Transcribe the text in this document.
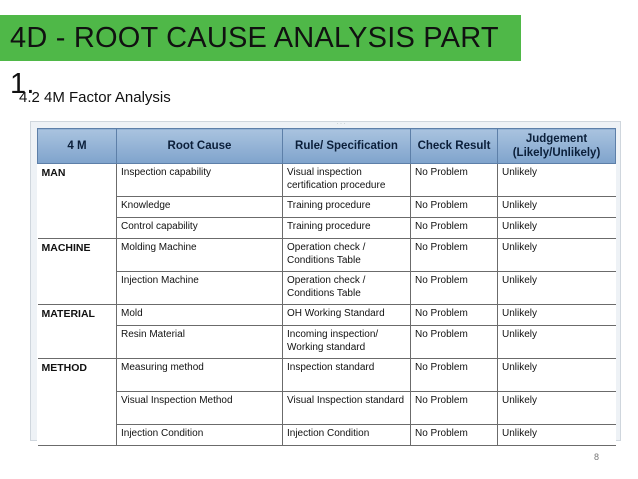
4D - ROOT CAUSE ANALYSIS PART 1.
4.2 4M Factor Analysis
· · ·
4 M	Root Cause	Rule/ Specification	Check Result	Judgement (Likely/Unlikely)
MAN	Inspection capability	Visual inspection certification procedure	No Problem	Unlikely
	Knowledge	Training procedure	No Problem	Unlikely
	Control capability	Training procedure	No Problem	Unlikely
MACHINE	Molding Machine	Operation check / Conditions Table	No Problem	Unlikely
	Injection Machine	Operation check / Conditions Table	No Problem	Unlikely
MATERIAL	Mold	OH Working Standard	No Problem	Unlikely
	Resin Material	Incoming inspection/ Working standard	No Problem	Unlikely
METHOD	Measuring method	Inspection standard	No Problem	Unlikely
	Visual Inspection Method	Visual Inspection standard	No Problem	Unlikely
	Injection Condition	Injection Condition	No Problem	Unlikely
8
